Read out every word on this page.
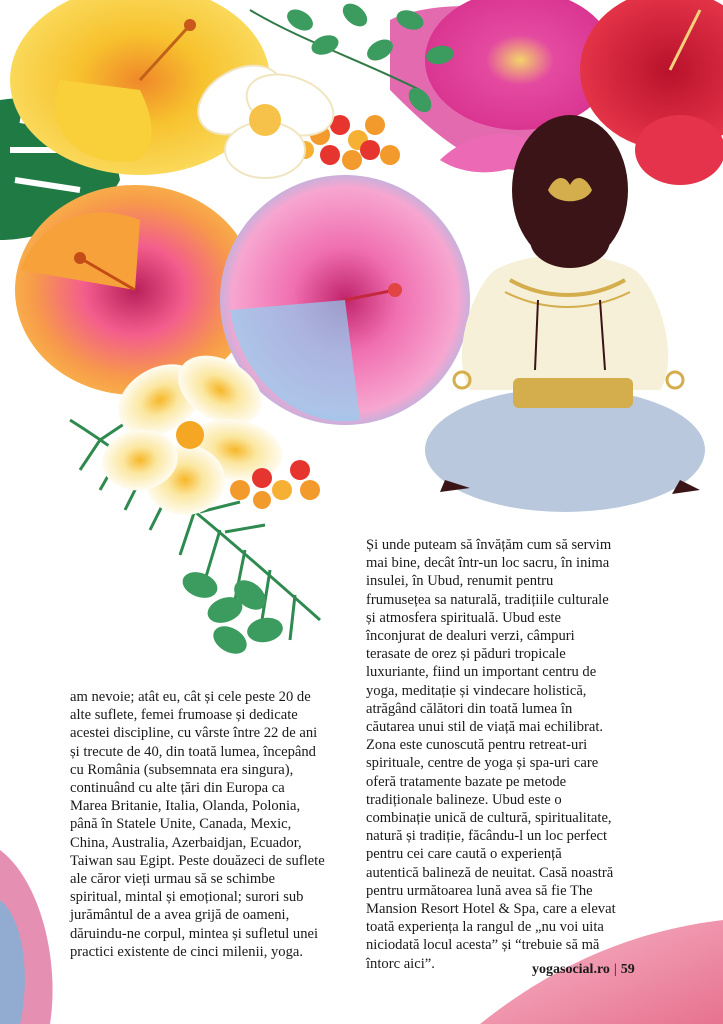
am nevoie; atât eu, cât și cele peste 20 de
alte suflete, femei frumoase și dedicate
acestei discipline, cu vârste între 22 de ani
și trecute de 40, din toată lumea, începând
cu România (subsemnata era singura),
continuând cu alte țări din Europa ca
Marea Britanie, Italia, Olanda, Polonia,
până în Statele Unite, Canada, Mexic,
China, Australia, Azerbaidjan, Ecuador,
Taiwan sau Egipt. Peste douăzeci de suflete
ale căror vieți urmau să se schimbe
spiritual, mintal și emoțional; surori sub
jurământul de a avea grijă de oameni,
dăruindu-ne corpul, mintea și sufletul unei
practici existente de cinci milenii, yoga.
Și unde puteam să învățăm cum să servim
mai bine, decât într-un loc sacru, în inima
insulei, în Ubud, renumit pentru
frumusețea sa naturală, tradițiile culturale
și atmosfera spirituală. Ubud este
înconjurat de dealuri verzi, câmpuri
terasate de orez și păduri tropicale
luxuriante, fiind un important centru de
yoga, meditație și vindecare holistică,
atrăgând călători din toată lumea în
căutarea unui stil de viață mai echilibrat.
Zona este cunoscută pentru retreat-uri
spirituale, centre de yoga și spa-uri care
oferă tratamente bazate pe metode
tradiționale balineze. Ubud este o
combinație unică de cultură, spiritualitate,
natură și tradiție, făcându-l un loc perfect
pentru cei care caută o experiență
autentică balineză de neuitat. Casă noastră
pentru următoarea lună avea să fie The
Mansion Resort Hotel & Spa, care a elevat
toată experiența la rangul de „nu voi uita
niciodată locul acesta” și “trebuie să mă
întorc aici”.	yogasocial.ro | 59
